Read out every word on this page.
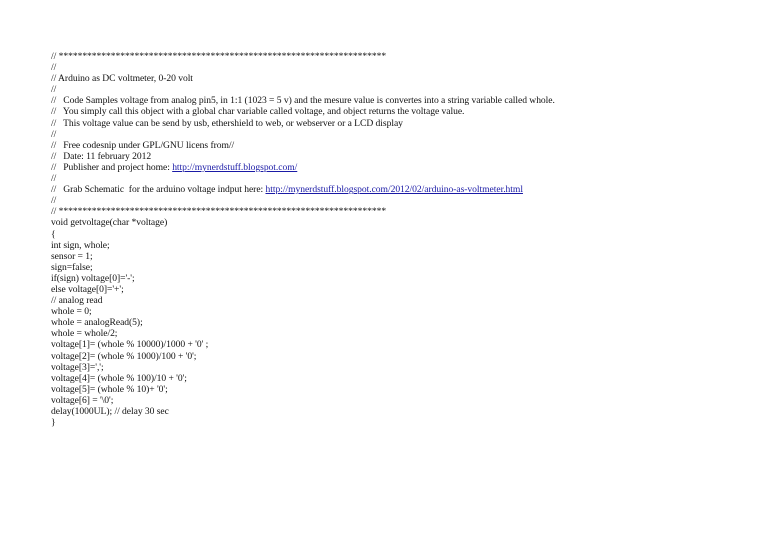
// *********************************************************************
//
// Arduino as DC voltmeter, 0-20 volt
//
//   Code Samples voltage from analog pin5, in 1:1 (1023 = 5 v) and the mesure value is convertes into a string variable called whole.
//   You simply call this object with a global char variable called voltage, and object returns the voltage value.
//   This voltage value can be send by usb, ethershield to web, or webserver or a LCD display
//
//   Free codesnip under GPL/GNU licens from//
//   Date: 11 february 2012
//   Publisher and project home: http://mynerdstuff.blogspot.com/
//
//   Grab Schematic  for the arduino voltage indput here: http://mynerdstuff.blogspot.com/2012/02/arduino-as-voltmeter.html
//
// *********************************************************************
void getvoltage(char *voltage)
{
int sign, whole;
sensor = 1;
sign=false;
if(sign) voltage[0]='-';
else voltage[0]='+';
// analog read
whole = 0;
whole = analogRead(5);
whole = whole/2;
voltage[1]= (whole % 10000)/1000 + '0' ;
voltage[2]= (whole % 1000)/100 + '0';
voltage[3]=',';
voltage[4]= (whole % 100)/10 + '0';
voltage[5]= (whole % 10)+ '0';
voltage[6] = '\0';
delay(1000UL); // delay 30 sec
}
